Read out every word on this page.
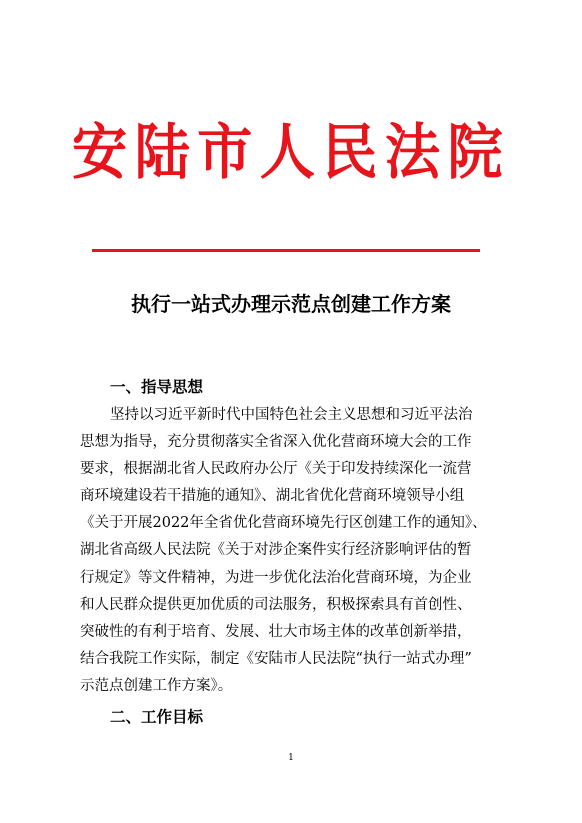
安陆市人民法院
执行一站式办理示范点创建工作方案
一、指导思想
坚持以习近平新时代中国特色社会主义思想和习近平法治
思想为指导，充分贯彻落实全省深入优化营商环境大会的工作
要求，根据湖北省人民政府办公厅《关于印发持续深化一流营
商环境建设若干措施的通知》、湖北省优化营商环境领导小组
《关于开展2022年全省优化营商环境先行区创建工作的通知》、
湖北省高级人民法院《关于对涉企案件实行经济影响评估的暂
行规定》等文件精神，为进一步优化法治化营商环境，为企业
和人民群众提供更加优质的司法服务，积极探索具有首创性、
突破性的有利于培育、发展、壮大市场主体的改革创新举措，
结合我院工作实际，制定《安陆市人民法院“执行一站式办理”
示范点创建工作方案》。
二、工作目标
1
